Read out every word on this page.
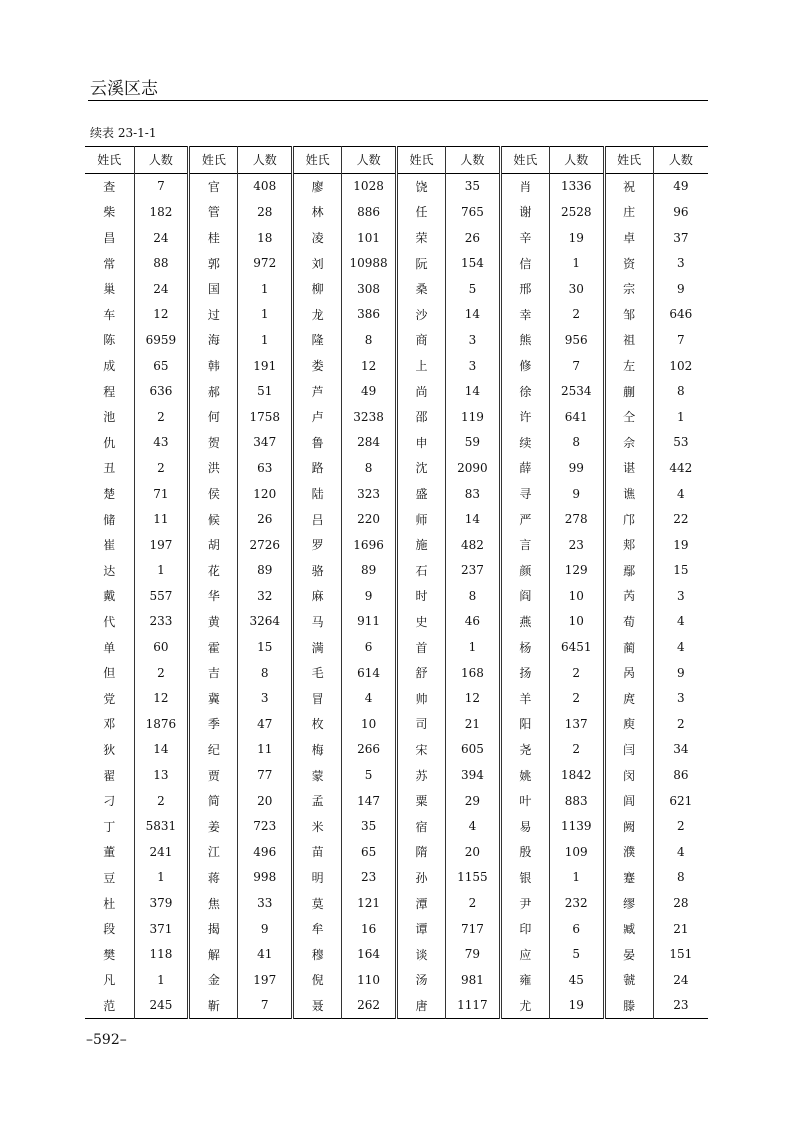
云溪区志
续表 23-1-1
姓氏	人数	姓氏	人数	姓氏	人数	姓氏	人数	姓氏	人数	姓氏	人数
查	7	官	408	廖	1028	饶	35	肖	1336	祝	49
柴	182	管	28	林	886	任	765	谢	2528	庄	96
昌	24	桂	18	凌	101	荣	26	辛	19	卓	37
常	88	郭	972	刘	10988	阮	154	信	1	资	3
巢	24	国	1	柳	308	桑	5	邢	30	宗	9
车	12	过	1	龙	386	沙	14	幸	2	邹	646
陈	6959	海	1	隆	8	商	3	熊	956	祖	7
成	65	韩	191	娄	12	上	3	修	7	左	102
程	636	郝	51	芦	49	尚	14	徐	2534	蒯	8
池	2	何	1758	卢	3238	邵	119	许	641	仝	1
仇	43	贺	347	鲁	284	申	59	续	8	佘	53
丑	2	洪	63	路	8	沈	2090	薛	99	谌	442
楚	71	侯	120	陆	323	盛	83	寻	9	谯	4
储	11	候	26	吕	220	师	14	严	278	邝	22
崔	197	胡	2726	罗	1696	施	482	言	23	郏	19
达	1	花	89	骆	89	石	237	颜	129	鄢	15
戴	557	华	32	麻	9	时	8	阎	10	芮	3
代	233	黄	3264	马	911	史	46	燕	10	荀	4
单	60	霍	15	满	6	首	1	杨	6451	蔺	4
但	2	吉	8	毛	614	舒	168	扬	2	呙	9
党	12	冀	3	冒	4	帅	12	羊	2	庹	3
邓	1876	季	47	枚	10	司	21	阳	137	庾	2
狄	14	纪	11	梅	266	宋	605	尧	2	闫	34
翟	13	贾	77	蒙	5	苏	394	姚	1842	闵	86
刁	2	简	20	孟	147	粟	29	叶	883	闾	621
丁	5831	姜	723	米	35	宿	4	易	1139	阙	2
董	241	江	496	苗	65	隋	20	殷	109	濮	4
豆	1	蒋	998	明	23	孙	1155	银	1	蹇	8
杜	379	焦	33	莫	121	潭	2	尹	232	缪	28
段	371	揭	9	牟	16	谭	717	印	6	臧	21
樊	118	解	41	穆	164	谈	79	应	5	晏	151
凡	1	金	197	倪	110	汤	981	雍	45	虢	24
范	245	靳	7	聂	262	唐	1117	尤	19	滕	23
–592–
